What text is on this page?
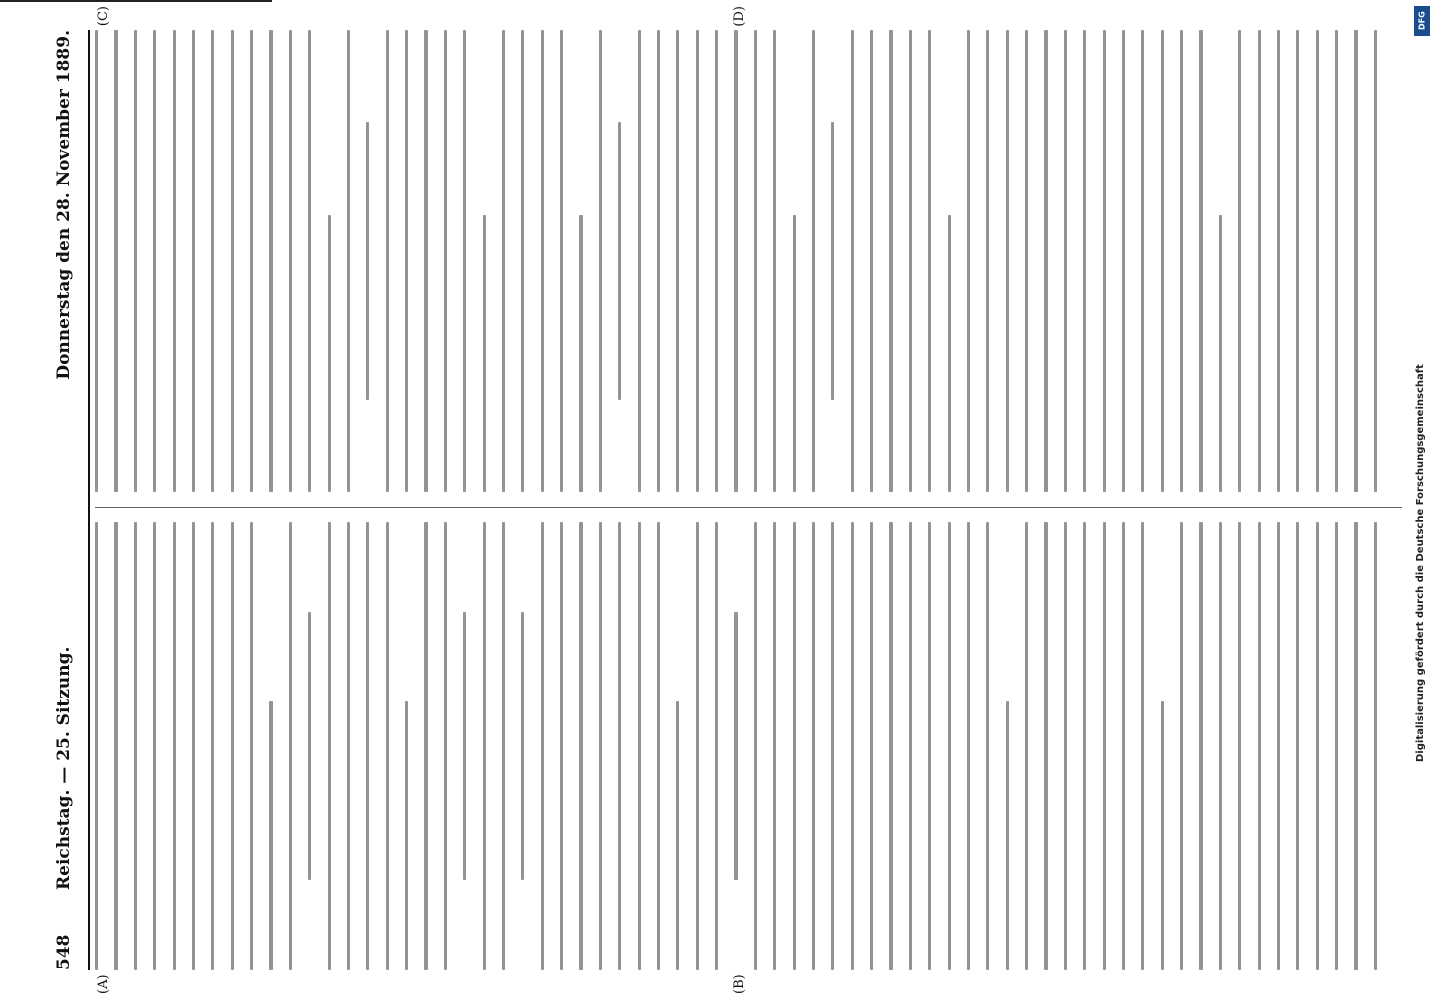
548
Reichstag. — 25. Sitzung.
Donnerstag den 28. November 1889.
(A)	(B)
(C)	(D)	DFG
Digitalisierung gefördert durch die Deutsche Forschungsgemeinschaft
